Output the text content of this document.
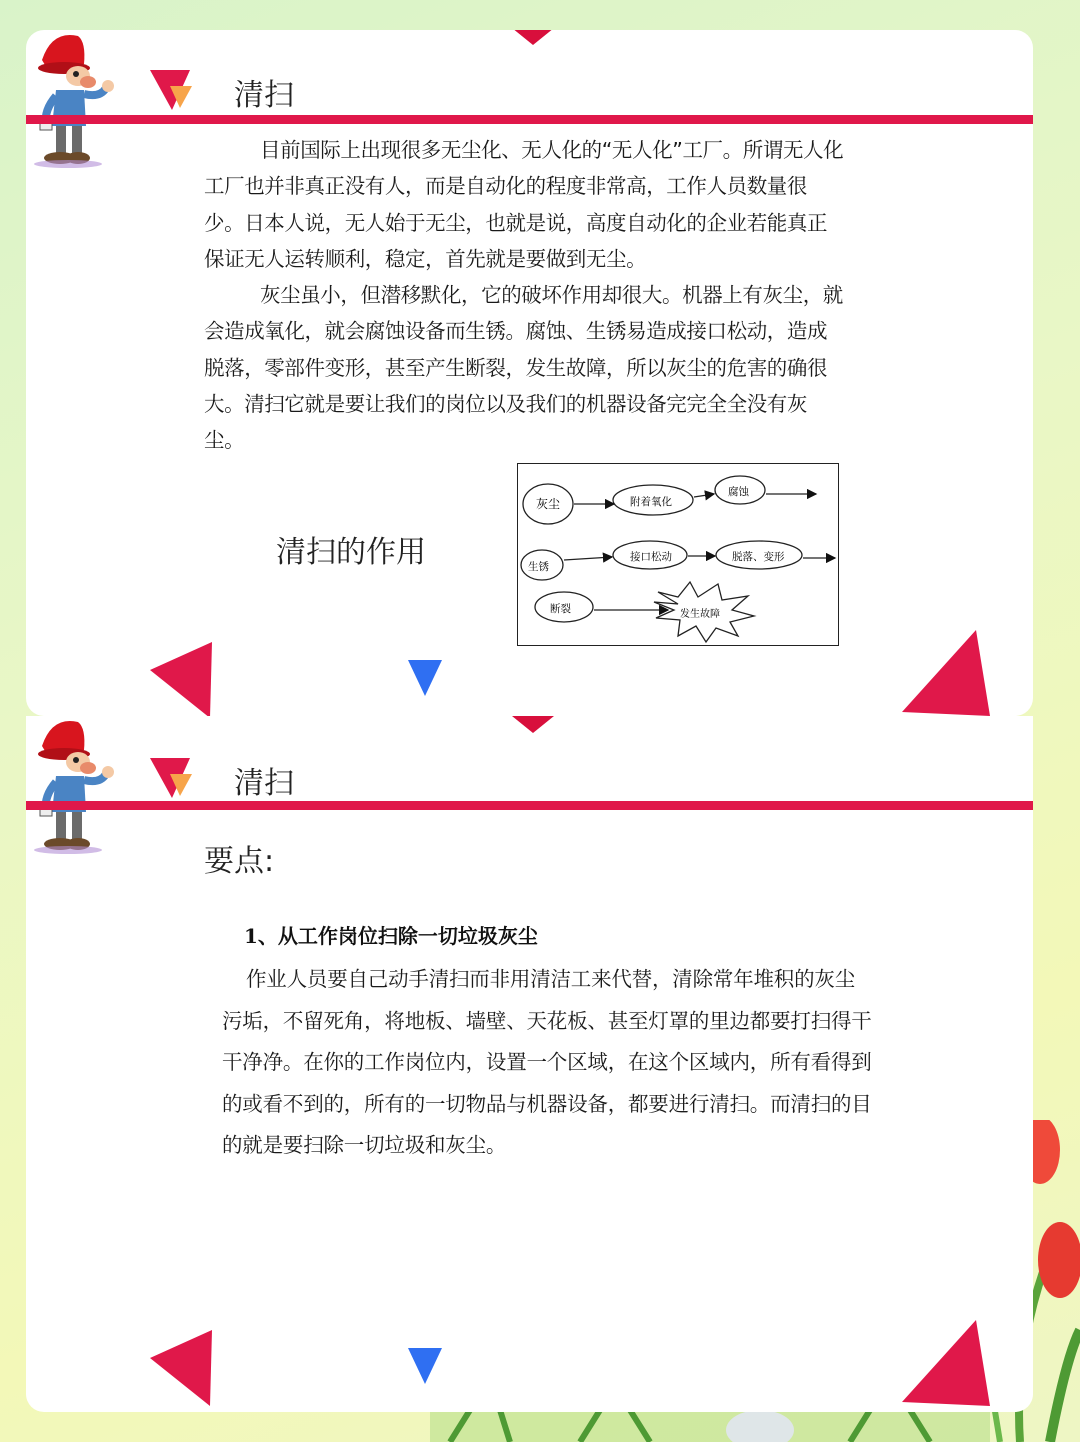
清扫

目前国际上出现很多无尘化、无人化的“无人化”工厂。所谓无人化工厂也并非真正没有人，而是自动化的程度非常高，工作人员数量很少。日本人说，无人始于无尘，也就是说，高度自动化的企业若能真正保证无人运转顺利，稳定，首先就是要做到无尘。

灰尘虽小，但潜移默化，它的破坏作用却很大。机器上有灰尘，就会造成氧化，就会腐蚀设备而生锈。腐蚀、生锈易造成接口松动，造成脱落，零部件变形，甚至产生断裂，发生故障，所以灰尘的危害的确很大。清扫它就是要让我们的岗位以及我们的机器设备完完全全没有灰尘。

清扫的作用
灰尘	附着氧化
腐蚀
生锈
接口松动	脱落、变形
断裂	发生故障
清扫
要点:
1、从工作岗位扫除一切垃圾灰尘

作业人员要自己动手清扫而非用清洁工来代替，清除常年堆积的灰尘污垢，不留死角，将地板、墙壁、天花板、甚至灯罩的里边都要打扫得干干净净。在你的工作岗位内，设置一个区域，在这个区域内，所有看得到的或看不到的，所有的一切物品与机器设备，都要进行清扫。而清扫的目的就是要扫除一切垃圾和灰尘。
